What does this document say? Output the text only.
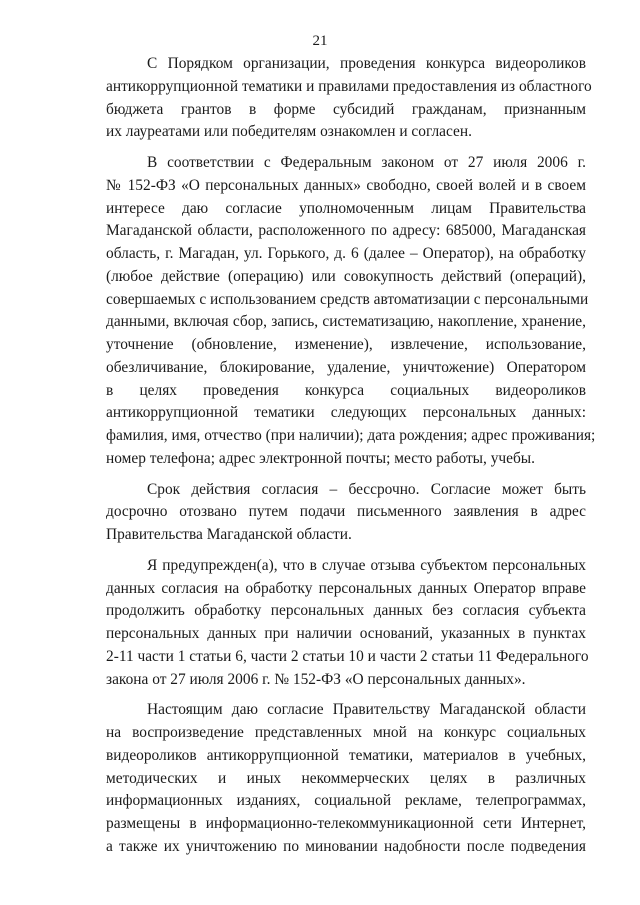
21
С Порядком организации, проведения конкурса видеороликов
антикоррупционной тематики и правилами предоставления из областного
бюджета грантов в форме субсидий гражданам, признанным
их лауреатами или победителям ознакомлен и согласен.
В соответствии с Федеральным законом от 27 июля 2006 г.
№ 152-ФЗ «О персональных данных» свободно, своей волей и в своем
интересе даю согласие уполномоченным лицам Правительства
Магаданской области, расположенного по адресу: 685000, Магаданская
область, г. Магадан, ул. Горького, д. 6 (далее – Оператор), на обработку
(любое действие (операцию) или совокупность действий (операций),
совершаемых с использованием средств автоматизации с персональными
данными, включая сбор, запись, систематизацию, накопление, хранение,
уточнение (обновление, изменение), извлечение, использование,
обезличивание, блокирование, удаление, уничтожение) Оператором
в целях проведения конкурса социальных видеороликов
антикоррупционной тематики следующих персональных данных:
фамилия, имя, отчество (при наличии); дата рождения; адрес проживания;
номер телефона; адрес электронной почты; место работы, учебы.
Срок действия согласия – бессрочно. Согласие может быть
досрочно отозвано путем подачи письменного заявления в адрес
Правительства Магаданской области.
Я предупрежден(а), что в случае отзыва субъектом персональных
данных согласия на обработку персональных данных Оператор вправе
продолжить обработку персональных данных без согласия субъекта
персональных данных при наличии оснований, указанных в пунктах
2-11 части 1 статьи 6, части 2 статьи 10 и части 2 статьи 11 Федерального
закона от 27 июля 2006 г. № 152-ФЗ «О персональных данных».
Настоящим даю согласие Правительству Магаданской области
на воспроизведение представленных мной на конкурс социальных
видеороликов антикоррупционной тематики, материалов в учебных,
методических и иных некоммерческих целях в различных
информационных изданиях, социальной рекламе, телепрограммах,
размещены в информационно-телекоммуникационной сети Интернет,
а также их уничтожению по миновании надобности после подведения
